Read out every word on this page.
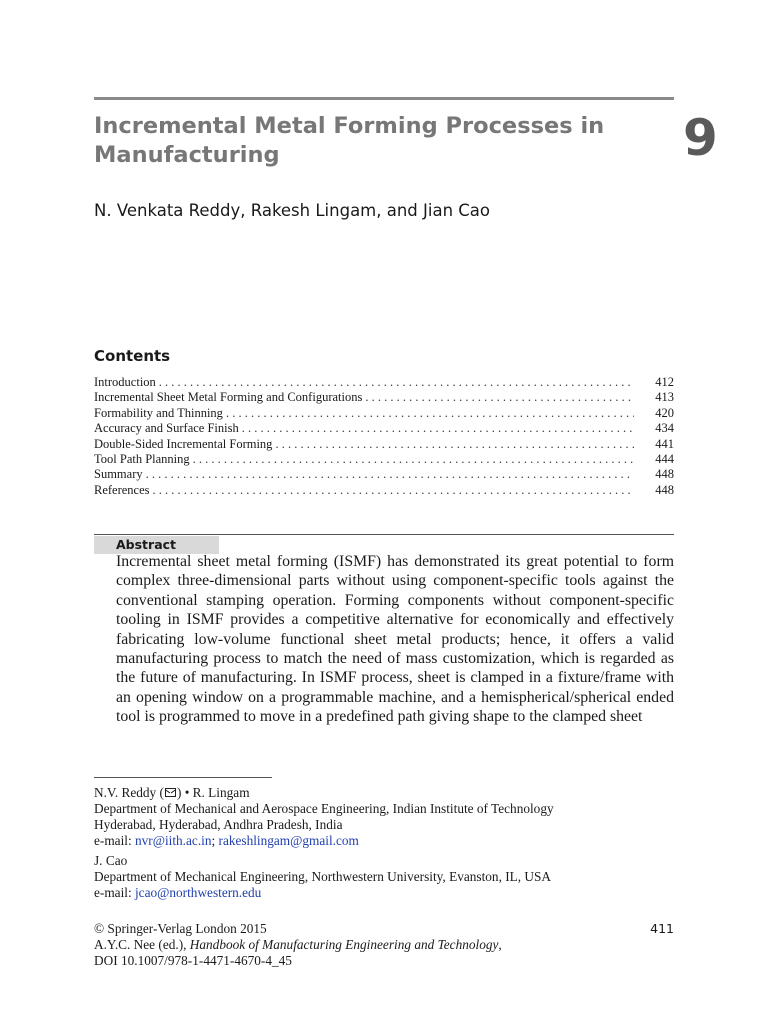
Incremental Metal Forming Processes in Manufacturing	9

N. Venkata Reddy, Rakesh Lingam, and Jian Cao

Contents
Introduction . . .	412
Incremental Sheet Metal Forming and Configurations . . .	413
Formability and Thinning . . .	420
Accuracy and Surface Finish . . .	434
Double-Sided Incremental Forming . . .	441
Tool Path Planning . . .	444
Summary . . .	448
References . . .	448
Abstract

Incremental sheet metal forming (ISMF) has demonstrated its great potential to form complex three-dimensional parts without using component-specific tools against the conventional stamping operation. Forming components without component-specific tooling in ISMF provides a competitive alternative for economically and effectively fabricating low-volume functional sheet metal products; hence, it offers a valid manufacturing process to match the need of mass customization, which is regarded as the future of manufacturing. In ISMF process, sheet is clamped in a fixture/frame with an opening window on a programmable machine, and a hemispherical/spherical ended tool is programmed to move in a predefined path giving shape to the clamped sheet

N.V. Reddy ( ) • R. Lingam
Department of Mechanical and Aerospace Engineering, Indian Institute of Technology
Hyderabad, Hyderabad, Andhra Pradesh, India
e-mail: nvr@iith.ac.in; rakeshlingam@gmail.com

J. Cao
Department of Mechanical Engineering, Northwestern University, Evanston, IL, USA
e-mail: jcao@northwestern.edu

© Springer-Verlag London 2015
A.Y.C. Nee (ed.), Handbook of Manufacturing Engineering and Technology,
DOI 10.1007/978-1-4471-4670-4_45

411
